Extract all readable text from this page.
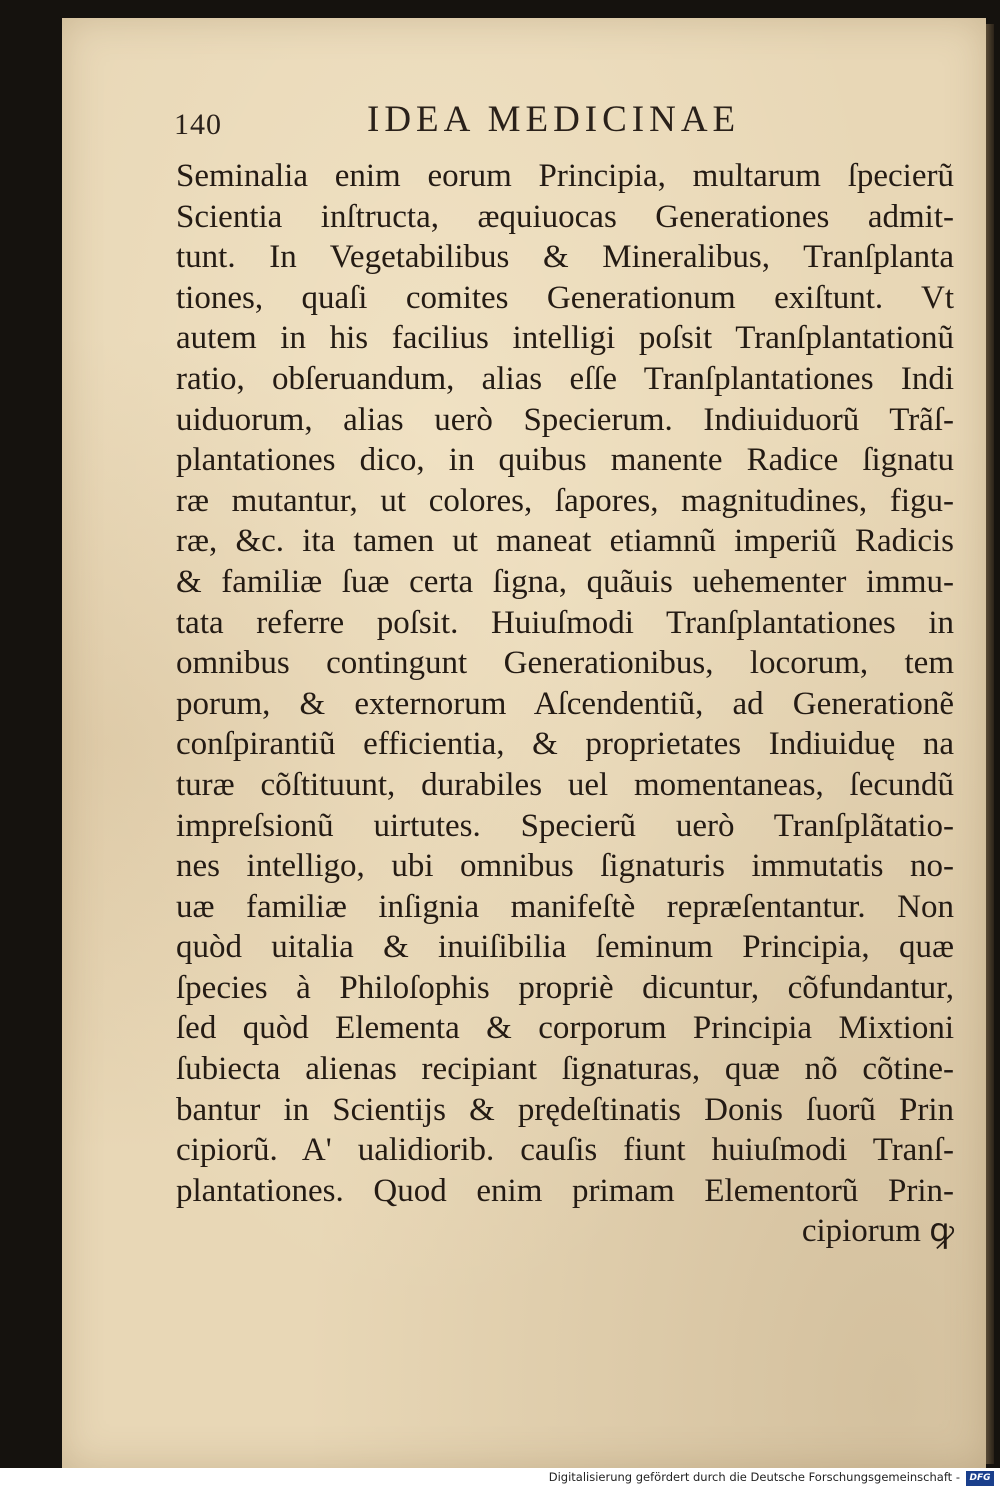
140	IDEA MEDICINAE
Seminalia enim eorum Principia, multarum ſpecierũ
Scientia inſtructa, æquiuocas Generationes admit-
tunt. In Vegetabilibus & Mineralibus, Tranſplanta
tiones, quaſi comites Generationum exiſtunt. Vt
autem in his facilius intelligi poſsit Tranſplantationũ
ratio, obſeruandum, alias eſſe Tranſplantationes Indi
uiduorum, alias uerò Specierum. Indiuiduorũ Trãſ-
plantationes dico, in quibus manente Radice ſignatu
ræ mutantur, ut colores, ſapores, magnitudines, figu-
ræ, &c. ita tamen ut maneat etiamnũ imperiũ Radicis
& familiæ ſuæ certa ſigna, quãuis uehementer immu-
tata referre poſsit. Huiuſmodi Tranſplantationes in
omnibus contingunt Generationibus, locorum, tem
porum, & externorum Aſcendentiũ, ad Generationẽ
conſpirantiũ efficientia, & proprietates Indiuiduę na
turæ cõſtituunt, durabiles uel momentaneas, ſecundũ
impreſsionũ uirtutes. Specierũ uerò Tranſplãtatio-
nes intelligo, ubi omnibus ſignaturis immutatis no-
uæ familiæ inſignia manifeſtè repræſentantur. Non
quòd uitalia & inuiſibilia ſeminum Principia, quæ
ſpecies à Philoſophis propriè dicuntur, cõfundantur,
ſed quòd Elementa & corporum Principia Mixtioni
ſubiecta alienas recipiant ſignaturas, quæ nõ cõtine-
bantur in Scientijs & prędeſtinatis Donis ſuorũ Prin
cipiorũ. A' ualidiorib. cauſis fiunt huiuſmodi Tranſ-
plantationes. Quod enim primam Elementorũ Prin-
cipiorum ꝙ
Digitalisierung gefördert durch die Deutsche Forschungsgemeinschaft -	DFG
